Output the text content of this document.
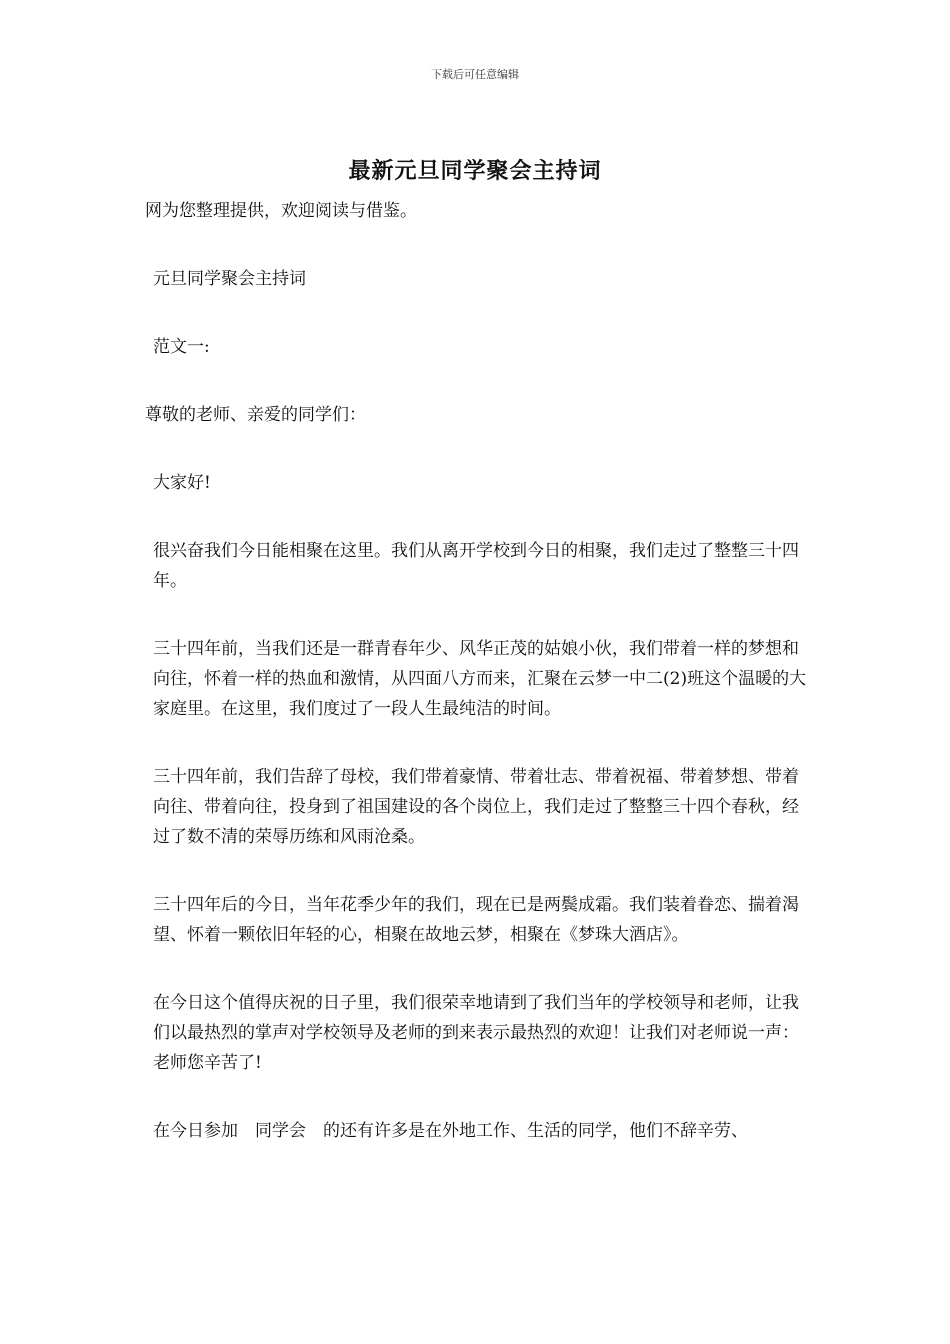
下载后可任意编辑
最新元旦同学聚会主持词

网为您整理提供，欢迎阅读与借鉴。

元旦同学聚会主持词

范文一:

尊敬的老师、亲爱的同学们：

大家好!

很兴奋我们今日能相聚在这里。我们从离开学校到今日的相聚，我们走过了整整三十四年。

三十四年前，当我们还是一群青春年少、风华正茂的姑娘小伙，我们带着一样的梦想和向往，怀着一样的热血和激情，从四面八方而来，汇聚在云梦一中二(2)班这个温暖的大家庭里。在这里，我们度过了一段人生最纯洁的时间。

三十四年前，我们告辞了母校，我们带着豪情、带着壮志、带着祝福、带着梦想、带着向往、带着向往，投身到了祖国建设的各个岗位上，我们走过了整整三十四个春秋，经过了数不清的荣辱历练和风雨沧桑。

三十四年后的今日，当年花季少年的我们，现在已是两鬓成霜。我们装着眷恋、揣着渴望、怀着一颗依旧年轻的心，相聚在故地云梦，相聚在《梦珠大酒店》。

在今日这个值得庆祝的日子里，我们很荣幸地请到了我们当年的学校领导和老师，让我们以最热烈的掌声对学校领导及老师的到来表示最热烈的欢迎！让我们对老师说一声：　老师您辛苦了!

在今日参加　同学会　的还有许多是在外地工作、生活的同学，他们不辞辛劳、
